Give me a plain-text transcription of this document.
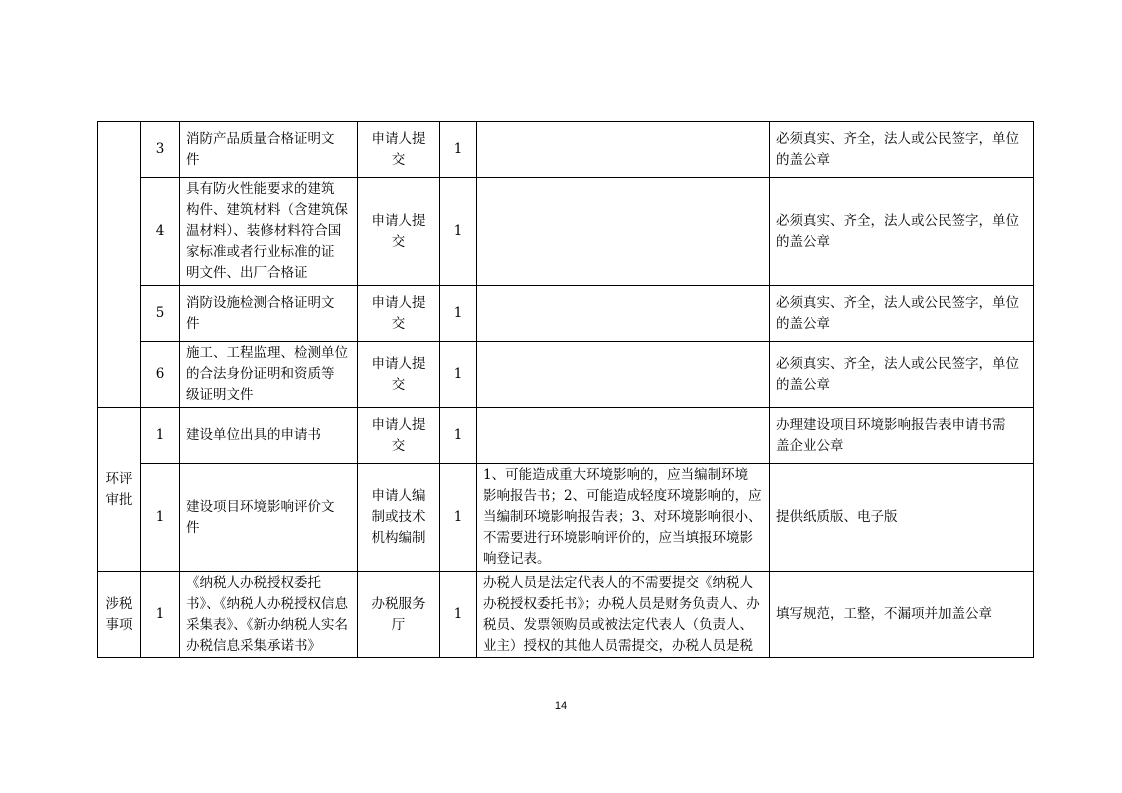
	3	消防产品质量合格证明文
件	申请人提
交	1		必须真实、齐全，法人或公民签字，单位
的盖公章
	4	具有防火性能要求的建筑
构件、建筑材料（含建筑保
温材料）、装修材料符合国
家标准或者行业标准的证
明文件、出厂合格证	申请人提
交	1		必须真实、齐全，法人或公民签字，单位
的盖公章
	5	消防设施检测合格证明文
件	申请人提
交	1		必须真实、齐全，法人或公民签字，单位
的盖公章
	6	施工、工程监理、检测单位
的合法身份证明和资质等
级证明文件	申请人提
交	1		必须真实、齐全，法人或公民签字，单位
的盖公章
环评
审批	1	建设单位出具的申请书	申请人提
交	1		办理建设项目环境影响报告表申请书需
盖企业公章
	1	建设项目环境影响评价文
件	申请人编
制或技术
机构编制	1	1、可能造成重大环境影响的，应当编制环境
影响报告书；2、可能造成轻度环境影响的，应
当编制环境影响报告表；3、对环境影响很小、
不需要进行环境影响评价的，应当填报环境影
响登记表。	提供纸质版、电子版
涉税
事项	1	《纳税人办税授权委托
书》、《纳税人办税授权信息
采集表》、《新办纳税人实名
办税信息采集承诺书》	办税服务
厅	1	办税人员是法定代表人的不需要提交《纳税人
办税授权委托书》；办税人员是财务负责人、办
税员、发票领购员或被法定代表人（负责人、
业主）授权的其他人员需提交，办税人员是税	填写规范，工整，不漏项并加盖公章
14
